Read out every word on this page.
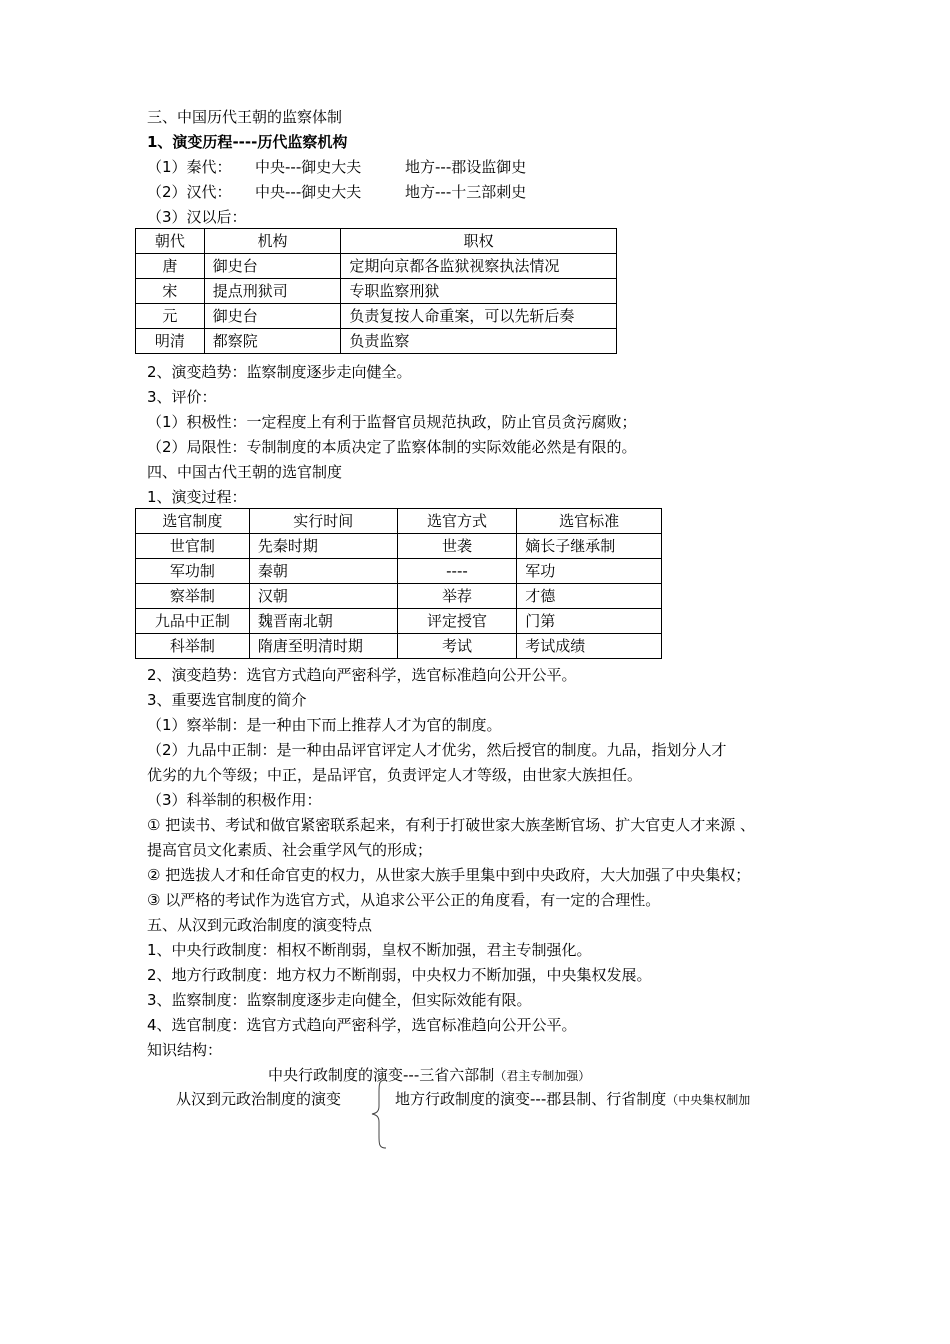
三、中国历代王朝的监察体制
1、演变历程----历代监察机构
（1）秦代： 中央---御史大夫	地方---郡设监御史
（2）汉代： 中央---御史大夫	地方---十三部刺史
（3）汉以后：
朝代	机构	职权
唐	御史台	定期向京都各监狱视察执法情况
宋	提点刑狱司	专职监察刑狱
元	御史台	负责复按人命重案，可以先斩后奏
明清	都察院	负责监察
2、演变趋势：监察制度逐步走向健全。
3、评价：
（1）积极性：一定程度上有利于监督官员规范执政，防止官员贪污腐败；
（2）局限性：专制制度的本质决定了监察体制的实际效能必然是有限的。
四、中国古代王朝的选官制度
1、演变过程：
选官制度	实行时间	选官方式	选官标准
世官制	先秦时期	世袭	嫡长子继承制
军功制	秦朝	----	军功
察举制	汉朝	举荐	才德
九品中正制	魏晋南北朝	评定授官	门第
科举制	隋唐至明清时期	考试	考试成绩
2、演变趋势：选官方式趋向严密科学，选官标准趋向公开公平。
3、重要选官制度的简介
（1）察举制：是一种由下而上推荐人才为官的制度。
（2）九品中正制：是一种由品评官评定人才优劣，然后授官的制度。九品，指划分人才
优劣的九个等级；中正，是品评官，负责评定人才等级，由世家大族担任。
（3）科举制的积极作用：
① 把读书、考试和做官紧密联系起来，有利于打破世家大族垄断官场、扩大官吏人才来源 、
提高官员文化素质、社会重学风气的形成；
② 把选拔人才和任命官吏的权力，从世家大族手里集中到中央政府，大大加强了中央集权；
③ 以严格的考试作为选官方式，从追求公平公正的角度看，有一定的合理性。
五、从汉到元政治制度的演变特点
1、中央行政制度：相权不断削弱，皇权不断加强，君主专制强化。
2、地方行政制度：地方权力不断削弱，中央权力不断加强，中央集权发展。
3、监察制度：监察制度逐步走向健全，但实际效能有限。
4、选官制度：选官方式趋向严密科学，选官标准趋向公开公平。
知识结构：
中央行政制度的演变---三省六部制（君主专制加强）
从汉到元政治制度的演变	地方行政制度的演变---郡县制、行省制度（中央集权制加
